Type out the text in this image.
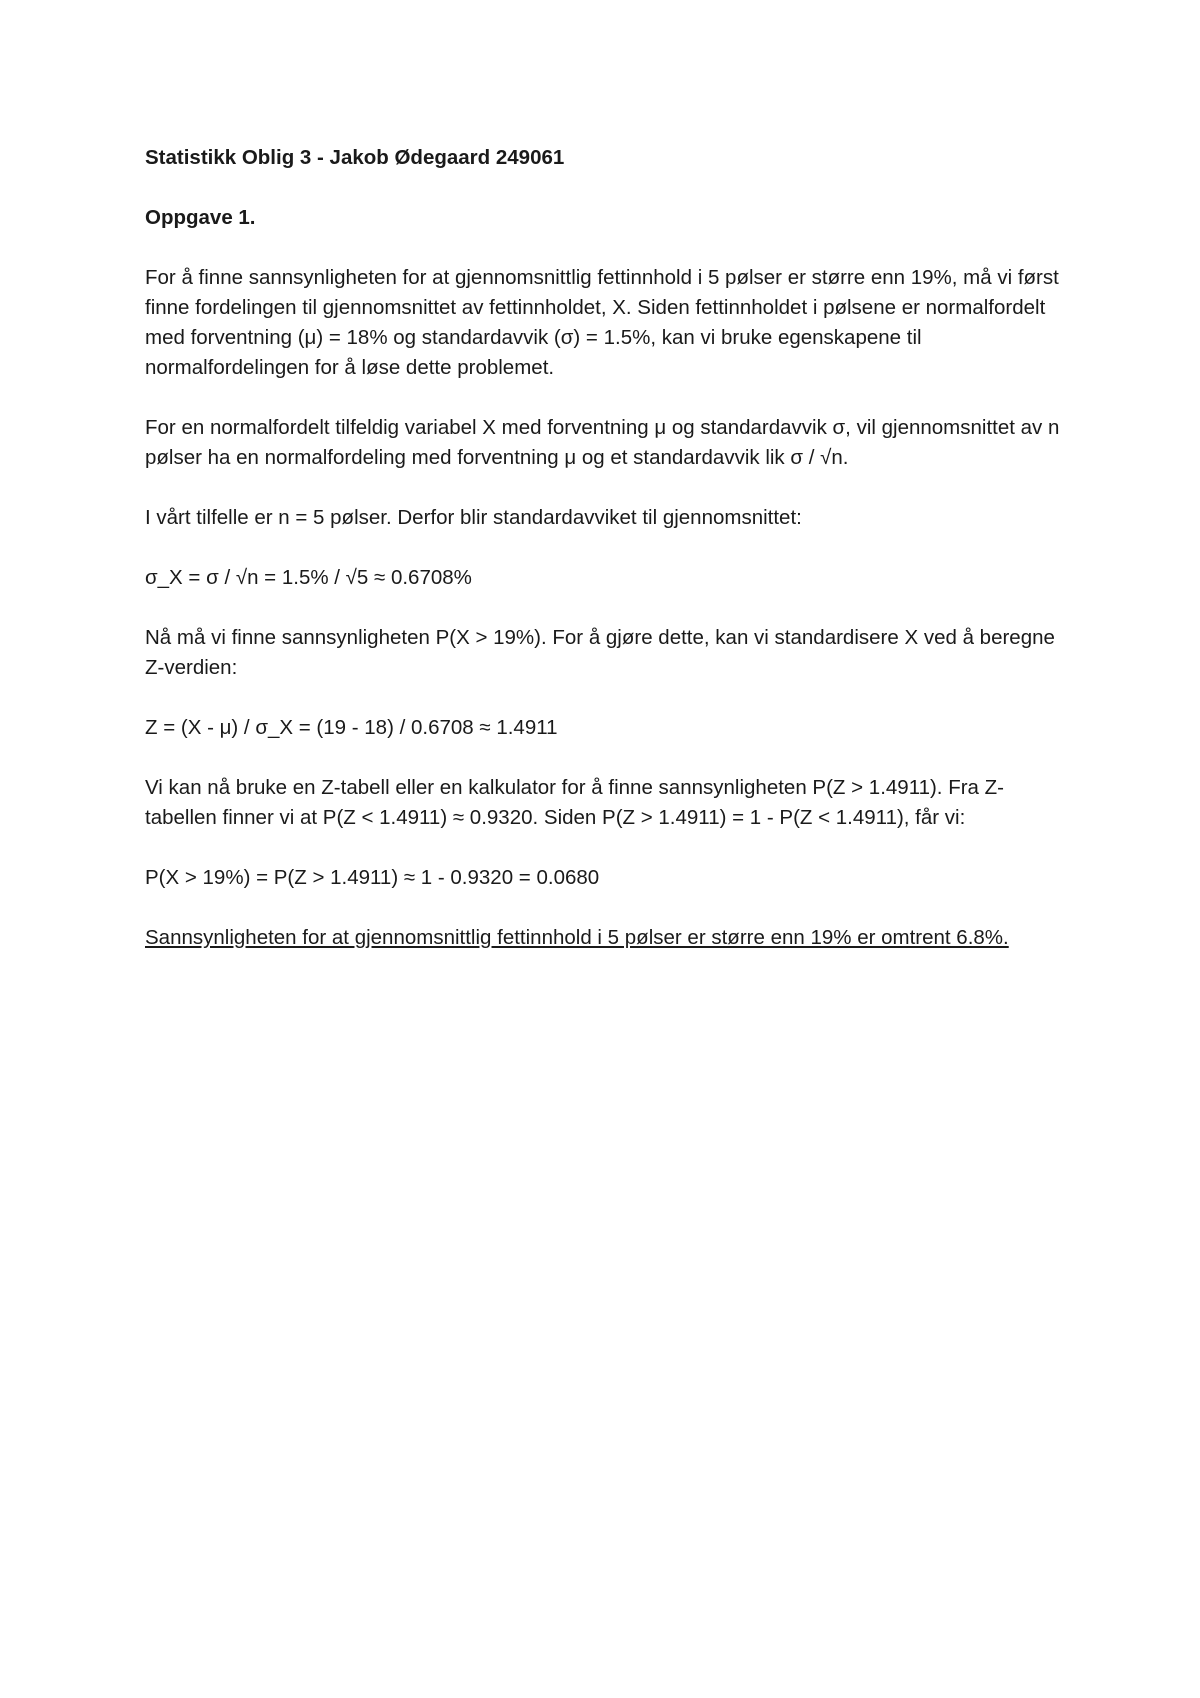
Statistikk Oblig 3 - Jakob Ødegaard 249061

Oppgave 1.

For å finne sannsynligheten for at gjennomsnittlig fettinnhold i 5 pølser er større enn 19%, må vi først finne fordelingen til gjennomsnittet av fettinnholdet, X. Siden fettinnholdet i pølsene er normalfordelt med forventning (μ) = 18% og standardavvik (σ) = 1.5%, kan vi bruke egenskapene til normalfordelingen for å løse dette problemet.

For en normalfordelt tilfeldig variabel X med forventning μ og standardavvik σ, vil gjennomsnittet av n pølser ha en normalfordeling med forventning μ og et standardavvik lik σ / √n.

I vårt tilfelle er n = 5 pølser. Derfor blir standardavviket til gjennomsnittet:

σ_X = σ / √n = 1.5% / √5 ≈ 0.6708%

Nå må vi finne sannsynligheten P(X > 19%). For å gjøre dette, kan vi standardisere X ved å beregne Z-verdien:

Z = (X - μ) / σ_X = (19 - 18) / 0.6708 ≈ 1.4911

Vi kan nå bruke en Z-tabell eller en kalkulator for å finne sannsynligheten P(Z > 1.4911). Fra Z-tabellen finner vi at P(Z < 1.4911) ≈ 0.9320. Siden P(Z > 1.4911) = 1 - P(Z < 1.4911), får vi:

P(X > 19%) = P(Z > 1.4911) ≈ 1 - 0.9320 = 0.0680

Sannsynligheten for at gjennomsnittlig fettinnhold i 5 pølser er større enn 19% er omtrent 6.8%.
